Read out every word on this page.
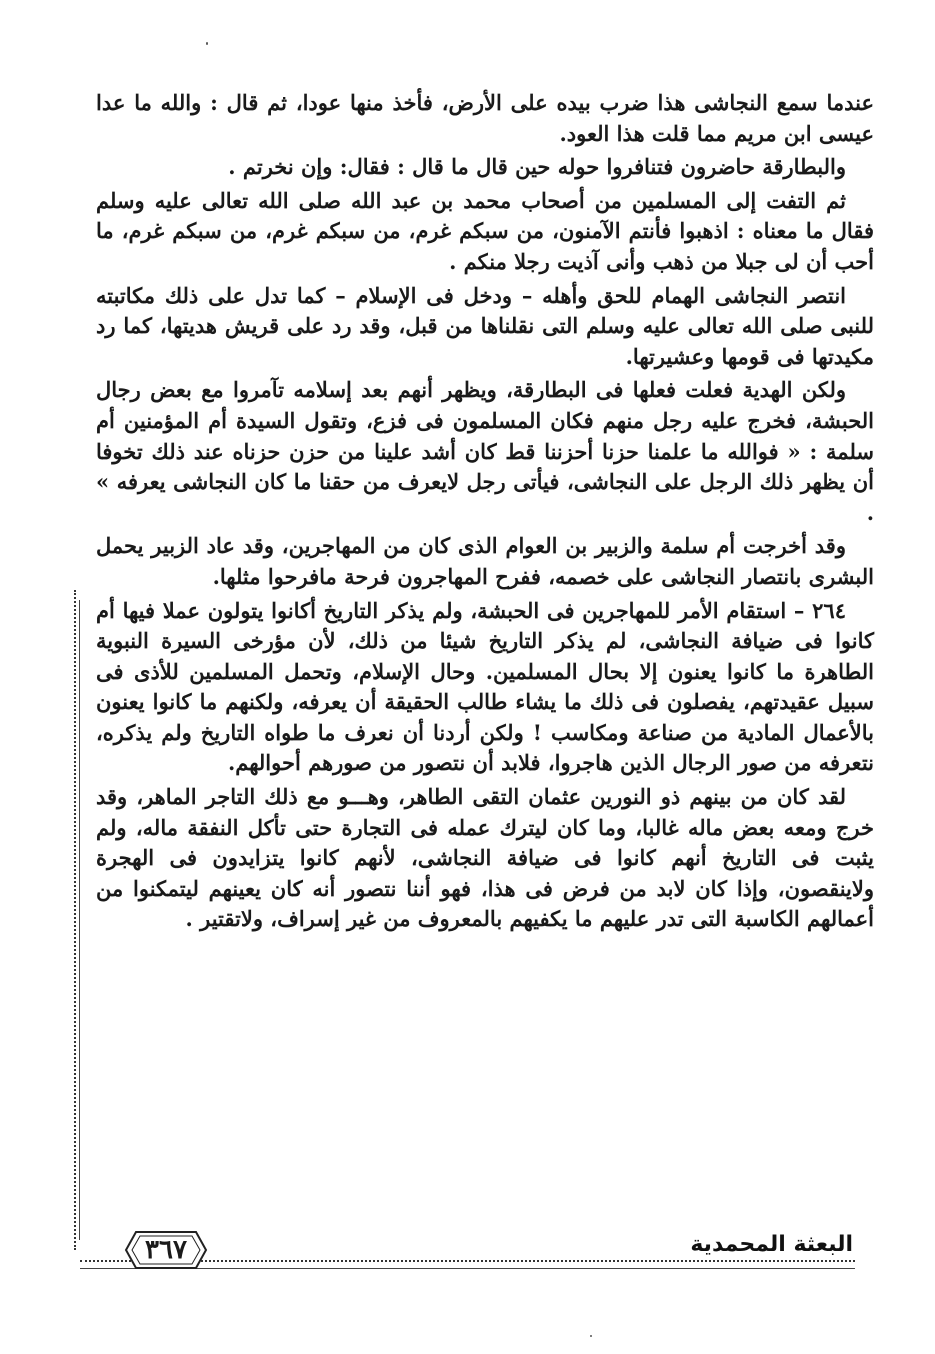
عندما سمع النجاشى هذا ضرب بيده على الأرض، فأخذ منها عودا، ثم قال : والله ما عدا عيسى ابن مريم مما قلت هذا العود.

والبطارقة حاضرون فتنافروا حوله حين قال ما قال : فقال: وإن نخرتم .

ثم التفت إلى المسلمين من أصحاب محمد بن عبد الله صلى الله تعالى عليه وسلم فقال ما معناه : اذهبوا فأنتم الآمنون، من سبكم غرم، من سبكم غرم، من سبكم غرم، ما أحب أن لى جبلا من ذهب وأنى آذيت رجلا منكم .

انتصر النجاشى الهمام للحق وأهله – ودخل فى الإسلام – كما تدل على ذلك مكاتبته للنبى صلى الله تعالى عليه وسلم التى نقلناها من قبل، وقد رد على قريش هديتها، كما رد مكيدتها فى قومها وعشيرتها.

ولكن الهدية فعلت فعلها فى البطارقة، ويظهر أنهم بعد إسلامه تآمروا مع بعض رجال الحبشة، فخرج عليه رجل منهم فكان المسلمون فى فزع، وتقول السيدة أم المؤمنين أم سلمة : « فوالله ما علمنا حزنا أحزننا قط كان أشد علينا من حزن حزناه عند ذلك تخوفا أن يظهر ذلك الرجل على النجاشى، فيأتى رجل لايعرف من حقنا ما كان النجاشى يعرفه » .

وقد أخرجت أم سلمة والزبير بن العوام الذى كان من المهاجرين، وقد عاد الزبير يحمل البشرى بانتصار النجاشى على خصمه، ففرح المهاجرون فرحة مافرحوا مثلها.

٢٦٤ – استقام الأمر للمهاجرين فى الحبشة، ولم يذكر التاريخ أكانوا يتولون عملا فيها أم كانوا فى ضيافة النجاشى، لم يذكر التاريخ شيئا من ذلك، لأن مؤرخى السيرة النبوية الطاهرة ما كانوا يعنون إلا بحال المسلمين. وحال الإسلام، وتحمل المسلمين للأذى فى سبيل عقيدتهم، يفصلون فى ذلك ما يشاء طالب الحقيقة أن يعرفه، ولكنهم ما كانوا يعنون بالأعمال المادية من صناعة ومكاسب ! ولكن أردنا أن نعرف ما طواه التاريخ ولم يذكره، نتعرفه من صور الرجال الذين هاجروا، فلابد أن نتصور من صورهم أحوالهم.

لقد كان من بينهم ذو النورين عثمان التقى الطاهر، وهـــو مع ذلك التاجر الماهر، وقد خرج ومعه بعض ماله غالبا، وما كان ليترك عمله فى التجارة حتى تأكل النفقة ماله، ولم يثبت فى التاريخ أنهم كانوا فى ضيافة النجاشى، لأنهم كانوا يتزايدون فى الهجرة ولاينقصون، وإذا كان لابد من فرض فى هذا، فهو أننا نتصور أنه كان يعينهم ليتمكنوا من أعمالهم الكاسبة التى تدر عليهم ما يكفيهم بالمعروف من غير إسراف، ولاتقتير .

٣٦٧	البعثة المحمدية
